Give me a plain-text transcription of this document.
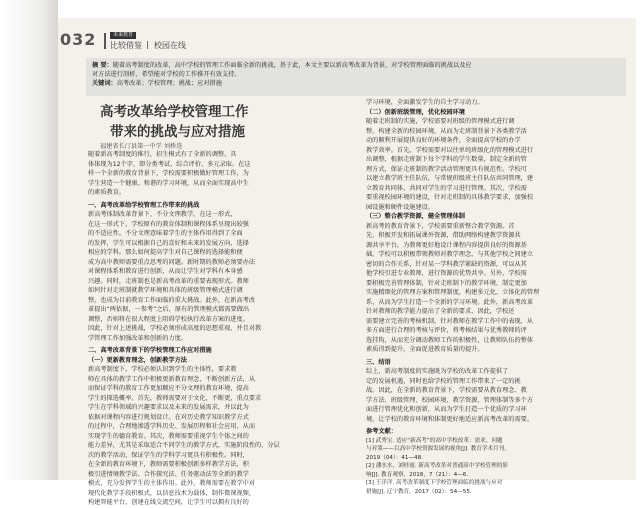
032	未来教育
比较借鉴 | 校园在线
摘 要：随着高考制度的改革，高中学校的管理工作面临全新的挑战，基于此，本文主要以新高考改革为背景，对学校管理面临的挑战以及应
对方法进行剖析，希望能对学校的工作推开有效支持。
关键词：高考改革；学校管理；挑战；应对措施
高考改革给学校管理工作
带来的挑战与应对措施
福建省长汀县第一中学 刘桥连
随着新高考制度的推行，招生模式有了全新的调整，具
体体现为12个字，即分类考试、综合评价、多元录取。在这
样一个全新的教育背景下，学校需要积极做好管理工作，为
学生营造一个健康、和谐的学习环境，从而全面实现高中生
的素质教育。
一、高考改革给学校管理工作带来的挑战
新高考体制改革背景下，不分文理教学，在这一形式，
在这一形式下，学校原有的教育体制和课程体系呈现出较强
的不适应性。不分文理意味着学生的主体作用得到了全面
的发挥，学生可以根据自己的喜好和未来的发展方向，选择
相应的学科。那么如何提高学生对自己课程的选择能和便
成为高中教师需要重点思考的问题。新时期的教师必须要办法
对课程体系和教育进行创新，从而让学生对学科有本身感
兴趣。同时，走班制也是新高考改革的重要表现形式。教师
如何针对走班制就教学环境和具体的班级管理模式进行调
整，也成为目前教育工作面临的重大挑战。此外，在新高考改
革提出“两依据，一参考”之后，原有的管理模式都需要做出
调整，否则将在很大程度上阻碍学校执行改革方案的进度。
因此，针对上述挑战，学校必须形成高度的思想重视，并且对教
学管理工作加强改革和创新的力度。
二、高考改革背景下的学校管理工作应对措施
（一）更新教育理念，创新教学方法
新高考制度下，学校必须认识到学生的主体性，要求教
师在具体的教学工作中积极更新教育理念，不断创新方法，从
而保证学科的教育工作更加顺应不分文理的教育环境，提高
学生的探选概率。首先，教师需要对于文化，不断更，重点要求
学生在学科领域的兴趣要求以及未来的发展需求，并以此为
依据对课程内容进行规划设计。在对历史教学知识教学方式
的过程中，合理地渗透学科历史、发展历程和社会应用，从而
实现学生的德育教育。其次，教师需要重视学生个体之间的
能力差异，尤其是采取适合不同学生的教学方式，实施阶段性的、分层
次的教学活动，保证学生的学科学习更具有积极性。同时，
在全新的教育环境下，教师需要积极创新多样教学方法，积
极引进情境教学法、合作探究法、任务驱动法等全新的教学
模式，充分发挥学生的主体作用。此外，教师需要在教学中对
现代化教学手段积极式，以信息技术为载体，制作微课视频，
构建智能平台，创建在线交流空间，让学生可以拥有良好的
学习环境，全面激发学生的自主学习动力。
（二）创新班级管理，优化校园环境
随着走班制的实施，学校需要对班级的管理模式进行调
整，构建全新的校园环境，从而为走班制背景下各类教学活
动的顺利开展提供良好的环境条件，全面提高学校的办学
教学效率。首先，学校需要对以往单纯班级化的管理模式进行
出调整，根据走班制下每个学科的学生数量，制定全新的管
理方式，保证走班制的教学活动管理更具有规范性。学校可
以建立教学班主任队伍，与常规班级班主任队伍共同管理，建
立教育共同体，共同对学生的学习进行管理。其次，学校需
要重视校园环境的建设，针对走班制的具体教学要求，加强校
园设施和硬件设施建设。
（三）整合教学资源，健全管理体制
新高考的教育背景下，学校需要重新整合教学资源。首
先，积极开发和拓展课外资源，借助网络构建教学资源共
源共享平台，为教师更好地设计课程内容提供良好的资源基
础，学校可以积极带领教师对教学理念，与其他学校之间建立
密切的合作关系，针对某一学科教学紧缺的资源，可以从其
他学校引进专业教师，进行资源的优势共享。另外，学校需
要积极完善管理体制，针对走班制下的教学环境，制定更加
实施精细化的管理方案和管理制度，构建多元化、立体化的管理
系，从而为学生打造一个全新的学习环境。此外，新高考改革
针对教师的教学能力提出了全新的要求，因此，学校还
需要建立完善的考核机制，针对教师在教学工作中的表现，从
多方面进行合理的考核与评价，将考核结果与优秀教师的评
选挂钩，从而充分调动教师工作的积极性，让教师队伍的整体
素质得到提升，全面促进教育质量的提升。
三、结语
综上，新高考制度的实施既为学校的改革工作提供了
定的发展机遇，同时也给学校的管理工作带来了一定的挑
战。因此，在全新的教育背景下，学校需要从教育理念、教
学方法、班级管理、校园环境、教学资源、管理体制等多个方
面进行管理优化和创新，从而为学生打造一个优质的学习环
境，让学校的教育环境和体制更好地适应新高考改革的需要。
参考文献：
[1] 武秀宝. 适应“新高考”的高中学校改革：需求、问题
与对策——以高中学校资源发展的视角[J]. 教育学术月刊，
2019（04）：41—48.
[2] 潘水水，刘桂霞. 新高考改革对普通高中学校管理的影
响[J]. 教育观察，2018，7（21）：4—6.
[3] 王洋洋. 高考改革制度下学校管理面临的挑战与应对
措施[J]. 辽宁教育，2017（02）：54—55.
